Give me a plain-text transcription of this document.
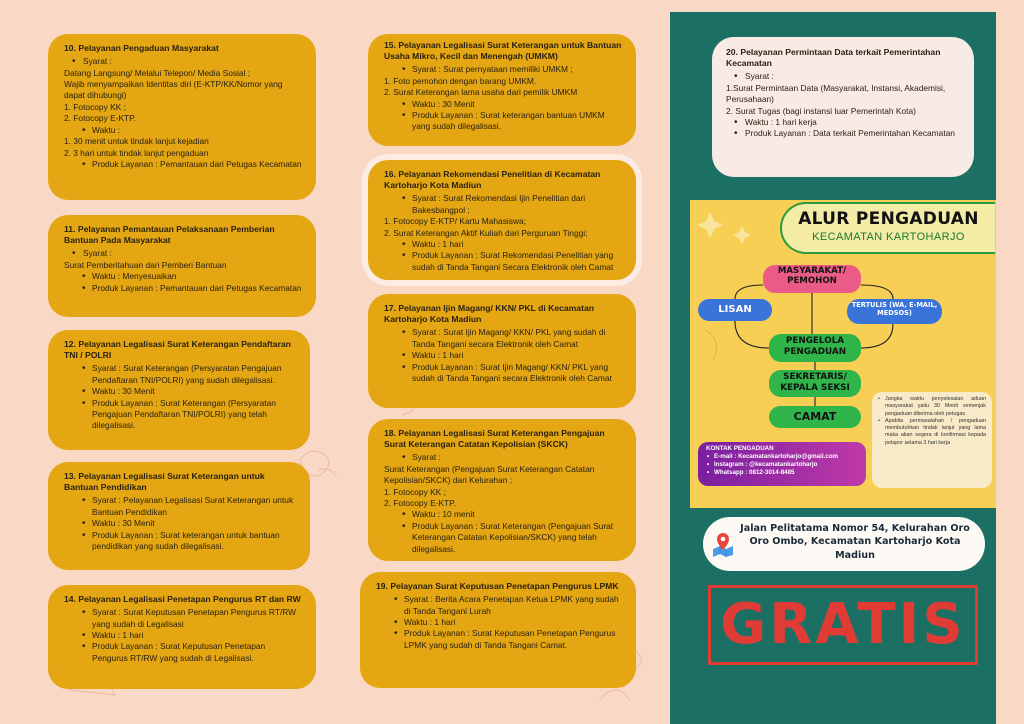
10. Pelayanan Pengaduan Masyarakat
• Syarat :
Datang Langsung/ Melalui Telepon/ Media Sosial ;
Wajib menyampaikan Identitas diri (E-KTP/KK/Nomor yang dapat dihubungi)
1. Fotocopy KK ;
2. Fotocopy E-KTP.
• Waktu :
1. 30 menit untuk tindak lanjut kejadian
2. 3 hari untuk tindak lanjut pengaduan
• Produk Layanan : Pemantauan dari Petugas Kecamatan
11. Pelayanan Pemantauan Pelaksanaan Pemberian Bantuan Pada Masyarakat
• Syarat :
Surat Pemberitahuan dari Pemberi Bantuan
• Waktu : Menyesuaikan
• Produk Layanan : Pemantauan dari Petugas Kecamatan
12. Pelayanan Legalisasi Surat Keterangan Pendaftaran TNI / POLRI
• Syarat : Surat Keterangan (Persyaratan Pengajuan Pendaftaran TNI/POLRI) yang sudah dilegalisasi.
• Waktu : 30 Menit
• Produk Layanan : Surat Keterangan (Persyaratan Pengajuan Pendaftaran TNI/POLRI) yang telah dilegalisasi.
13. Pelayanan Legalisasi Surat Keterangan untuk Bantuan Pendidikan
• Syarat : Pelayanan Legalisasi Surat Keterangan untuk Bantuan Pendidikan
• Waktu : 30 Menit
• Produk Layanan : Surat keterangan untuk bantuan pendidikan yang sudah dilegalisasi.
14. Pelayanan Legalisasi Penetapan Pengurus RT dan RW
• Syarat : Surat Keputusan Penetapan Pengurus RT/RW yang sudah di Legalisasi
• Waktu : 1 hari
• Produk Layanan : Surat Keputusan Penetapan Pengurus RT/RW yang sudah di Legalisasi.
15. Pelayanan Legalisasi Surat Keterangan untuk Bantuan Usaha Mikro, Kecil dan Menengah (UMKM)
• Syarat : Surat pernyataan memiliki UMKM ;
1. Foto pemohon dengan barang UMKM.
2. Surat Keterangan lama usaha dari pemilik UMKM
• Waktu : 30 Menit
• Produk Layanan : Surat keterangan bantuan UMKM yang sudah dilegalisasi.
16. Pelayanan Rekomendasi Penelitian di Kecamatan Kartoharjo Kota Madiun
• Syarat : Surat Rekomendasi Ijin Penelitian dari Bakesbangpol ;
1. Fotocopy E-KTP/ Kartu Mahasiswa;
2. Surat Keterangan Aktif Kuliah dari Perguruan Tinggi;
• Waktu : 1 hari
• Produk Layanan : Surat Rekomendasi Penelitian yang sudah di Tanda Tangani Secara Elektronik oleh Camat
17. Pelayanan Ijin Magang/ KKN/ PKL di Kecamatan Kartoharjo Kota Madiun
• Syarat : Surat Ijin Magang/ KKN/ PKL yang sudah di Tanda Tangani secara Elektronik oleh Camat
• Waktu : 1 hari
• Produk Layanan : Surat Ijin Magang/ KKN/ PKL yang sudah di Tanda Tangani secara Elektronik oleh Camat
18. Pelayanan Legalisasi Surat Keterangan Pengajuan Surat Keterangan Catatan Kepolisian (SKCK)
• Syarat :
Surat Keterangan (Pengajuan Surat Keterangan Catatan Kepolisian/SKCK) dari Kelurahan ;
1. Fotocopy KK ;
2. Fotocopy E-KTP.
• Waktu : 10 menit
• Produk Layanan : Surat Keterangan (Pengajuan Surat Keterangan Catatan Kepolisian/SKCK) yang telah dilegalisasi.
19. Pelayanan Surat Keputusan Penetapan Pengurus LPMK
• Syarat : Berita Acara Penetapan Ketua LPMK yang sudah di Tanda Tangani Lurah
• Waktu : 1 hari
• Produk Layanan : Surat Keputusan Penetapan Pengurus LPMK yang sudah di Tanda Tangani Camat.
20. Pelayanan Permintaan Data terkait Pemerintahan Kecamatan
• Syarat :
1.Surat Permintaan Data (Masyarakat, Instansi, Akademisi, Perusahaan)
2. Surat Tugas (bagi instansi luar Pemerintah Kota)
• Waktu : 1 hari kerja
• Produk Layanan : Data terkait Pemerintahan Kecamatan
ALUR PENGADUAN
KECAMATAN KARTOHARJO
MASYARAKAT/ PEMOHON
LISAN	TERTULIS (WA, E-MAIL, MEDSOS)
PENGELOLA PENGADUAN
SEKRETARIS/ KEPALA SEKSI
CAMAT
• Jangka waktu penyelesaian aduan masyarakat yaitu 30 Menit semenjak pengaduan diterima oleh petugas
• Apabila permasalahan / pengaduan membutuhkan tindak lanjut yang lama maka akan segera di konfirmasi kepada pelapor selama 3 hari kerja
KONTAK PENGADUAN
• E-mail : Kecamatankartoharjo@gmail.com
• Instagram : @kecamatankartoharjo
• Whatsapp : 0812-3014-8485
Jalan Pelitatama Nomor 54, Kelurahan Oro Oro Ombo, Kecamatan Kartoharjo Kota Madiun
GRATIS
